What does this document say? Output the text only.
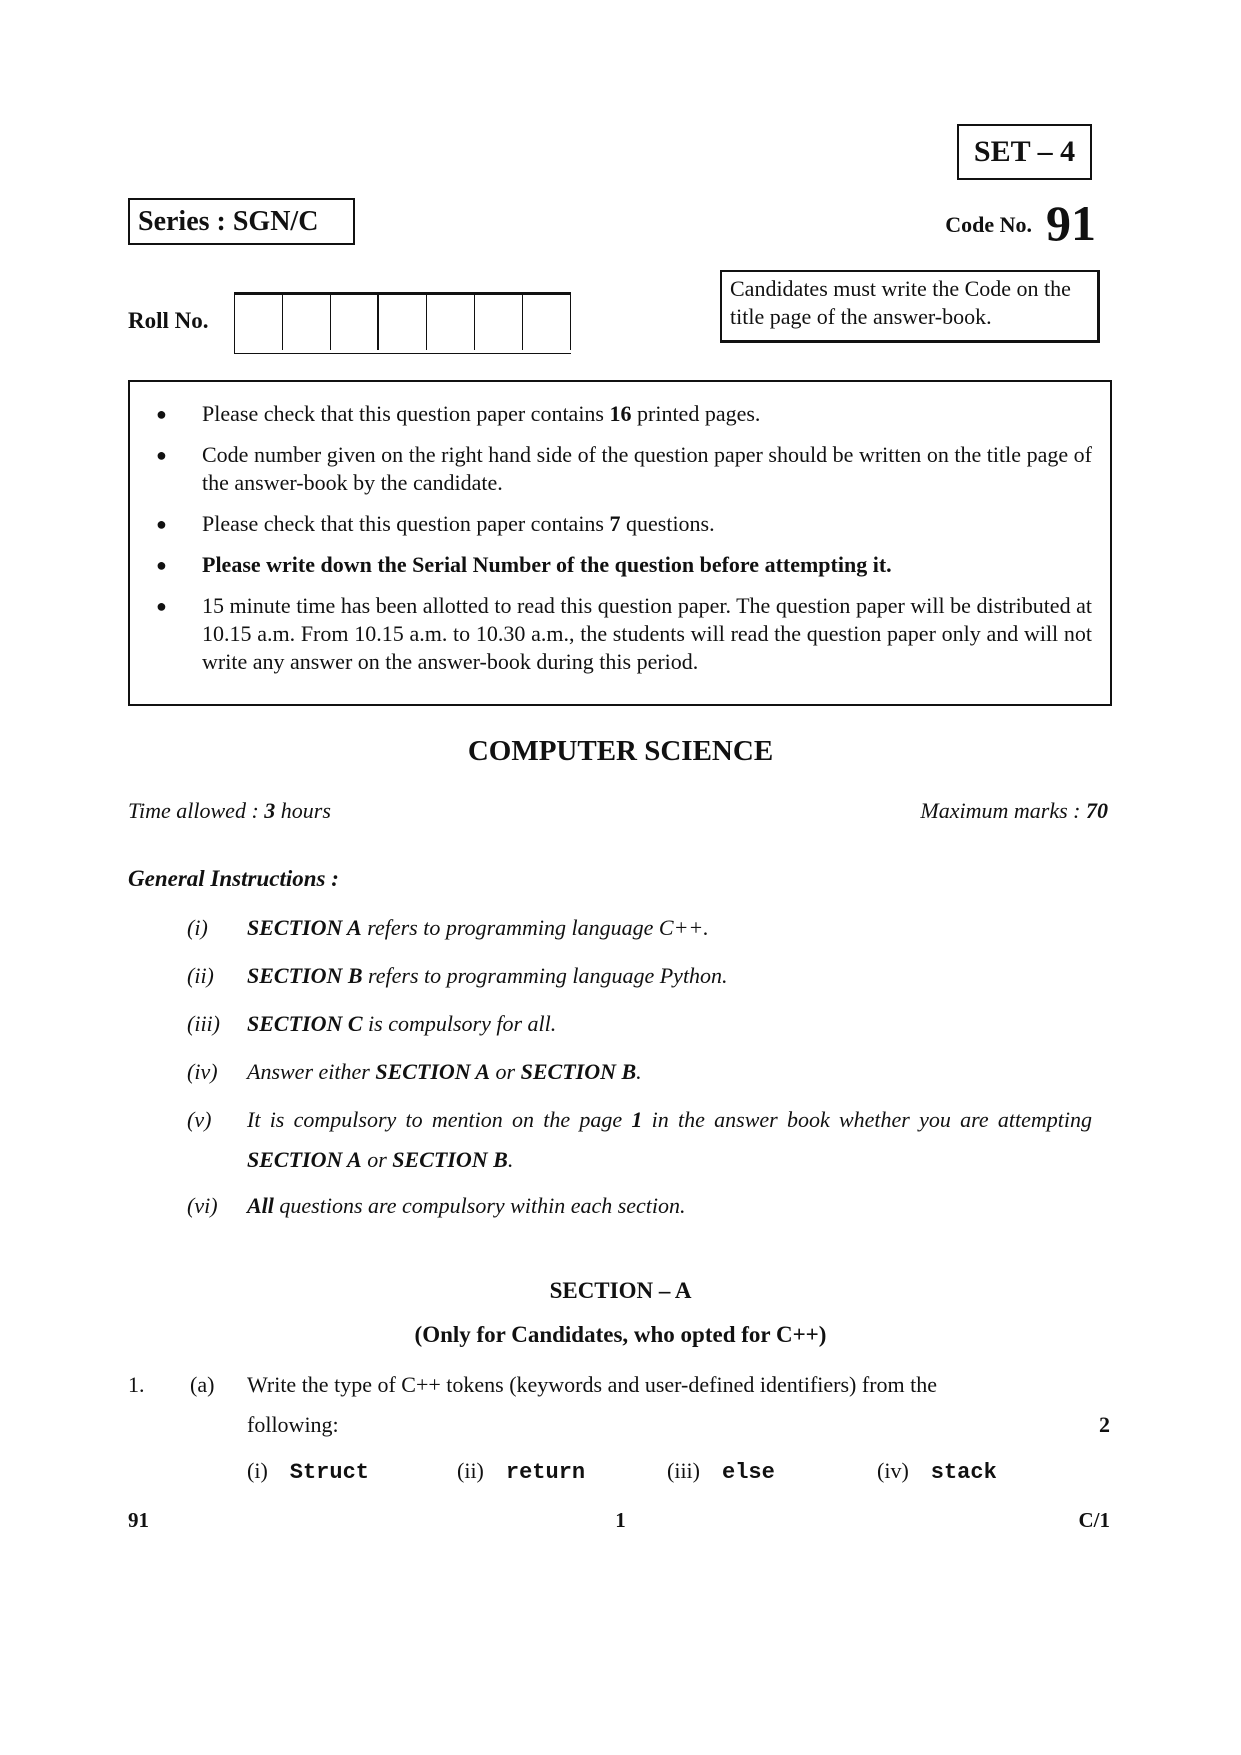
SET – 4
Series : SGN/C	Code No. 91
Roll No.
Candidates must write the Code on the title page of the answer-book.
●	Please check that this question paper contains 16 printed pages.
●	Code number given on the right hand side of the question paper should be written on the title page of the answer-book by the candidate.
●	Please check that this question paper contains 7 questions.
●	Please write down the Serial Number of the question before attempting it.
●	15 minute time has been allotted to read this question paper. The question paper will be distributed at 10.15 a.m. From 10.15 a.m. to 10.30 a.m., the students will read the question paper only and will not write any answer on the answer-book during this period.
COMPUTER SCIENCE
Time allowed : 3 hours	Maximum marks : 70
General Instructions :
(i)	SECTION A refers to programming language C++.
(ii)	SECTION B refers to programming language Python.
(iii)	SECTION C is compulsory for all.
(iv)	Answer either SECTION A or SECTION B.
(v)	It is compulsory to mention on the page 1 in the answer book whether you are attempting SECTION A or SECTION B.
(vi)	All questions are compulsory within each section.
SECTION – A
(Only for Candidates, who opted for C++)
1.	(a)	Write the type of C++ tokens (keywords and user-defined identifiers) from the
following:	2
(i) Struct	(ii) return	(iii) else	(iv) stack
91	1	C/1
